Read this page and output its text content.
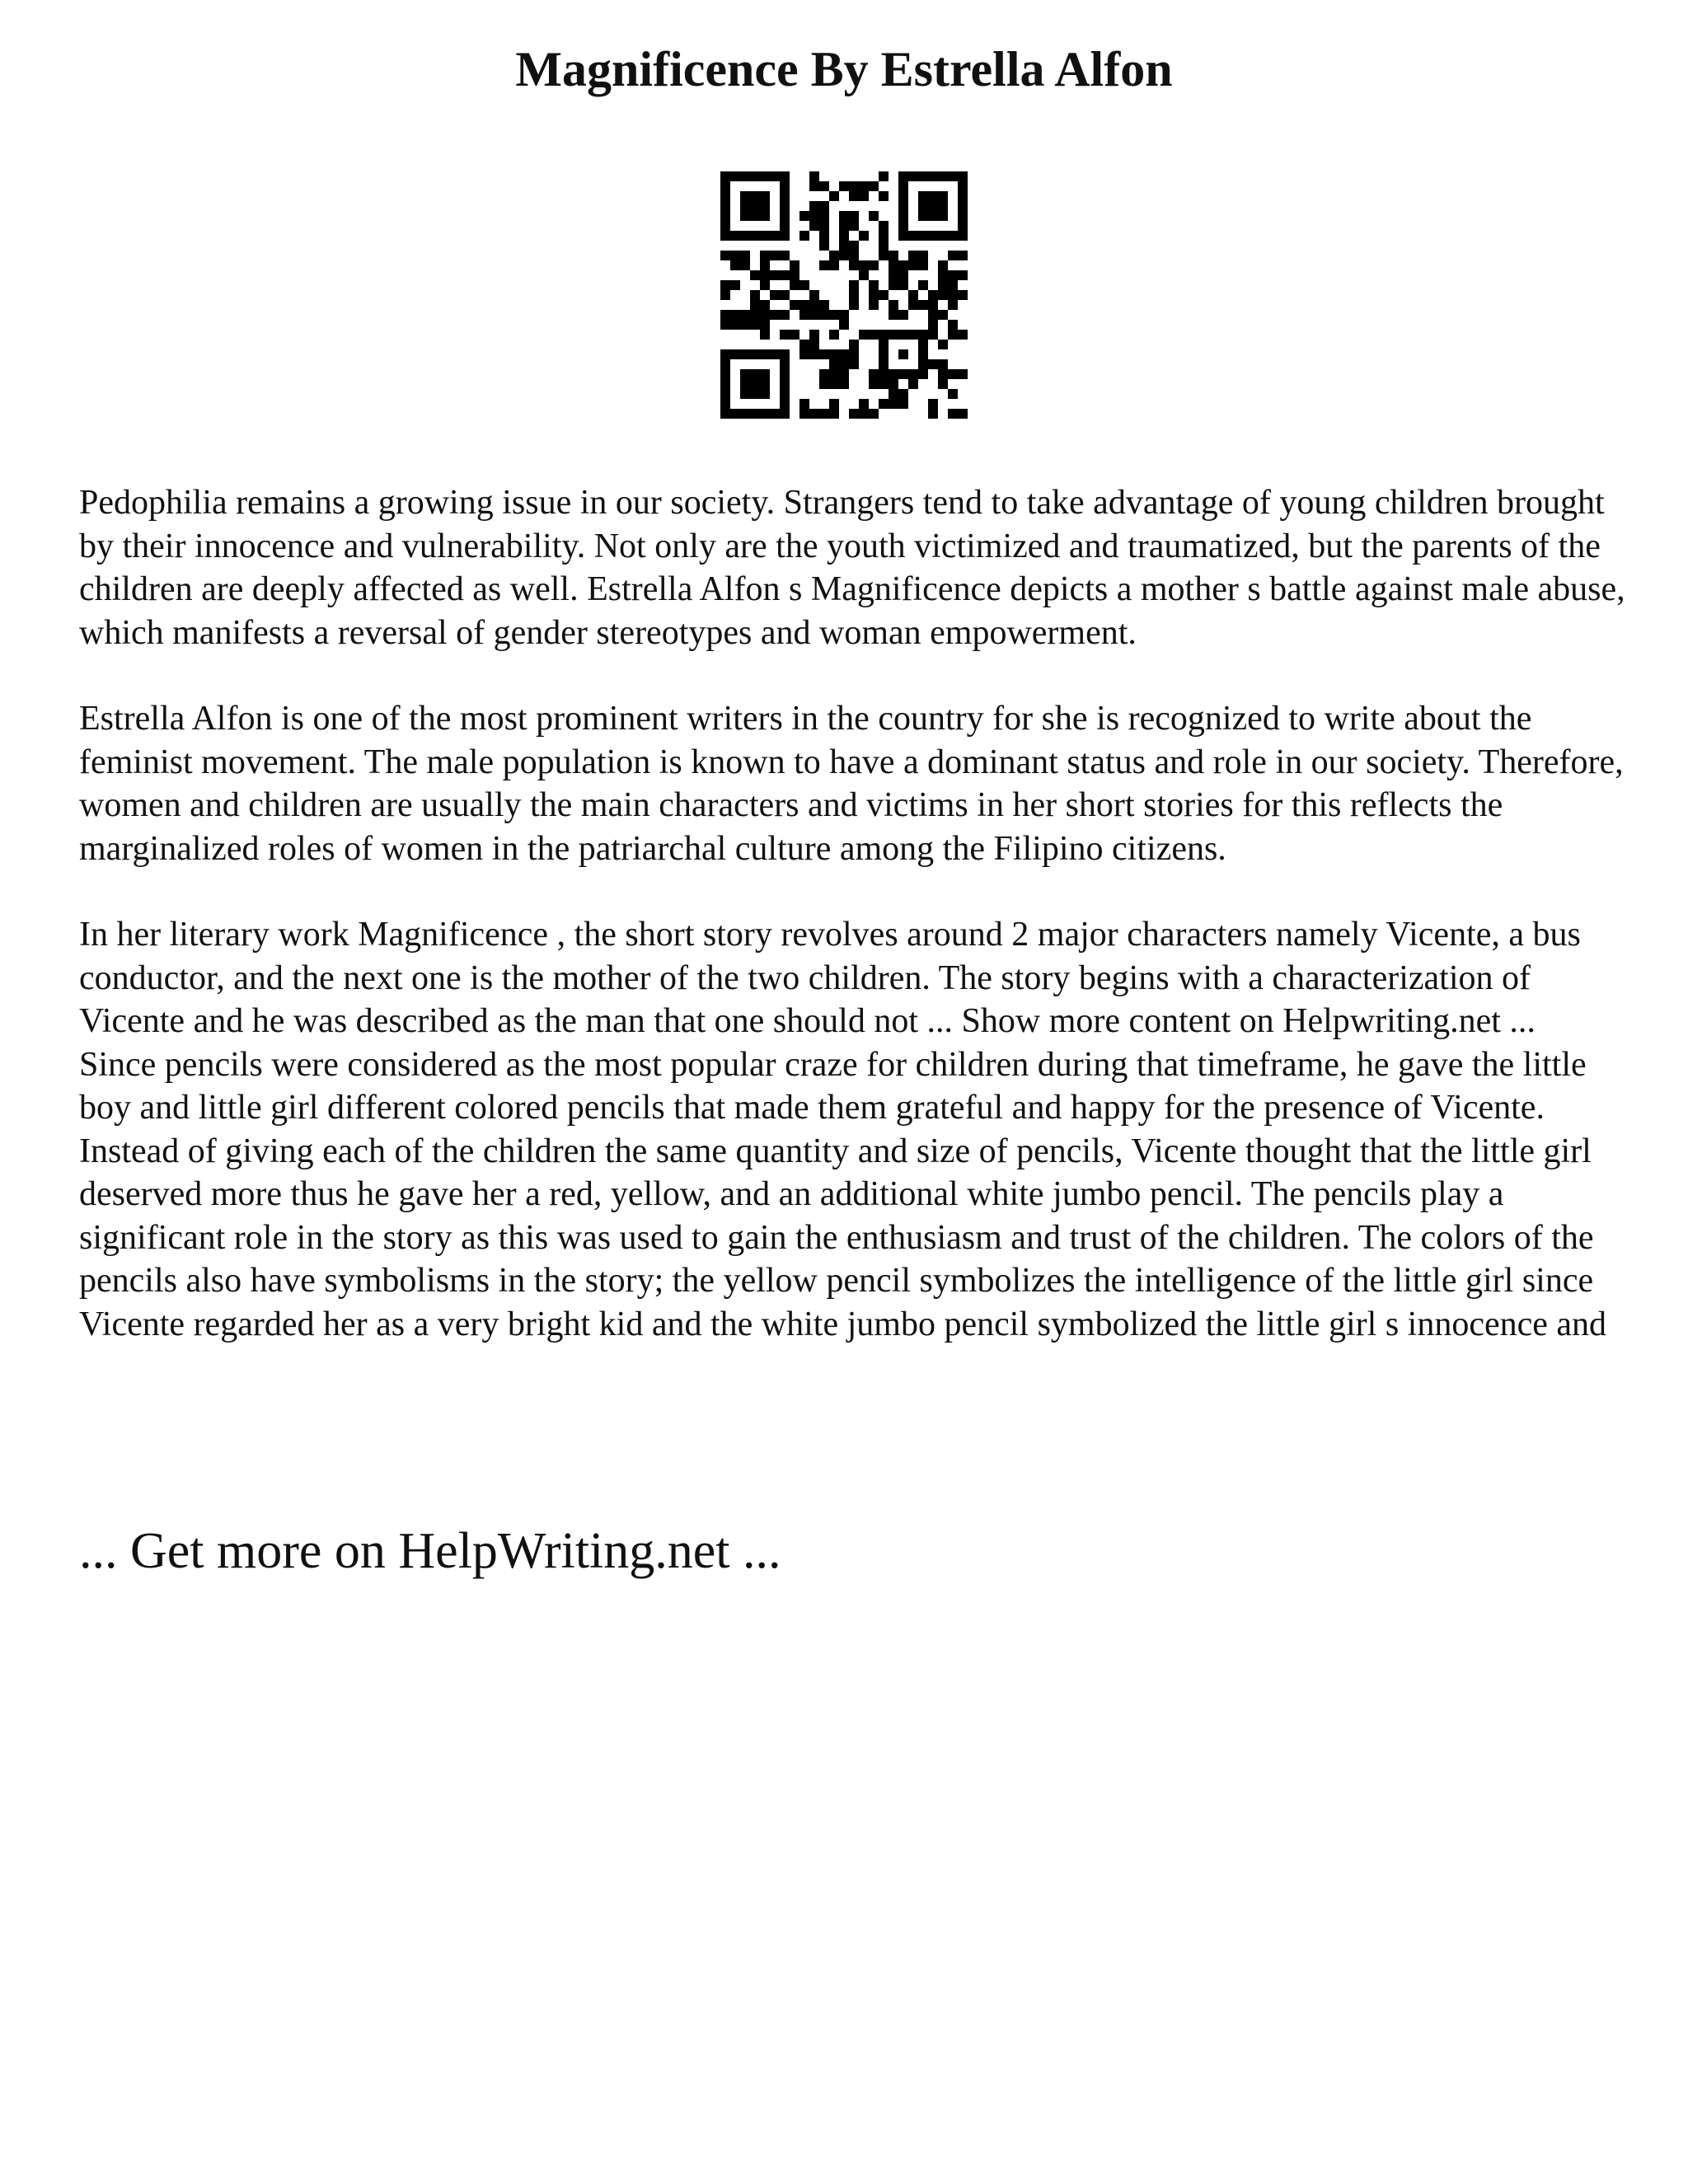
Magnificence By Estrella Alfon

Pedophilia remains a growing issue in our society. Strangers tend to take advantage of young children brought by their innocence and vulnerability. Not only are the youth victimized and traumatized, but the parents of the children are deeply affected as well. Estrella Alfon s Magnificence depicts a mother s battle against male abuse, which manifests a reversal of gender stereotypes and woman empowerment.

Estrella Alfon is one of the most prominent writers in the country for she is recognized to write about the feminist movement. The male population is known to have a dominant status and role in our society. Therefore, women and children are usually the main characters and victims in her short stories for this reflects the marginalized roles of women in the patriarchal culture among the Filipino citizens.

In her literary work Magnificence , the short story revolves around 2 major characters namely Vicente, a bus conductor, and the next one is the mother of the two children. The story begins with a characterization of Vicente and he was described as the man that one should not ... Show more content on Helpwriting.net ...

Since pencils were considered as the most popular craze for children during that timeframe, he gave the little boy and little girl different colored pencils that made them grateful and happy for the presence of Vicente. Instead of giving each of the children the same quantity and size of pencils, Vicente thought that the little girl deserved more thus he gave her a red, yellow, and an additional white jumbo pencil. The pencils play a significant role in the story as this was used to gain the enthusiasm and trust of the children. The colors of the pencils also have symbolisms in the story; the yellow pencil symbolizes the intelligence of the little girl since Vicente regarded her as a very bright kid and the white jumbo pencil symbolized the little girl s innocence and

... Get more on HelpWriting.net ...
